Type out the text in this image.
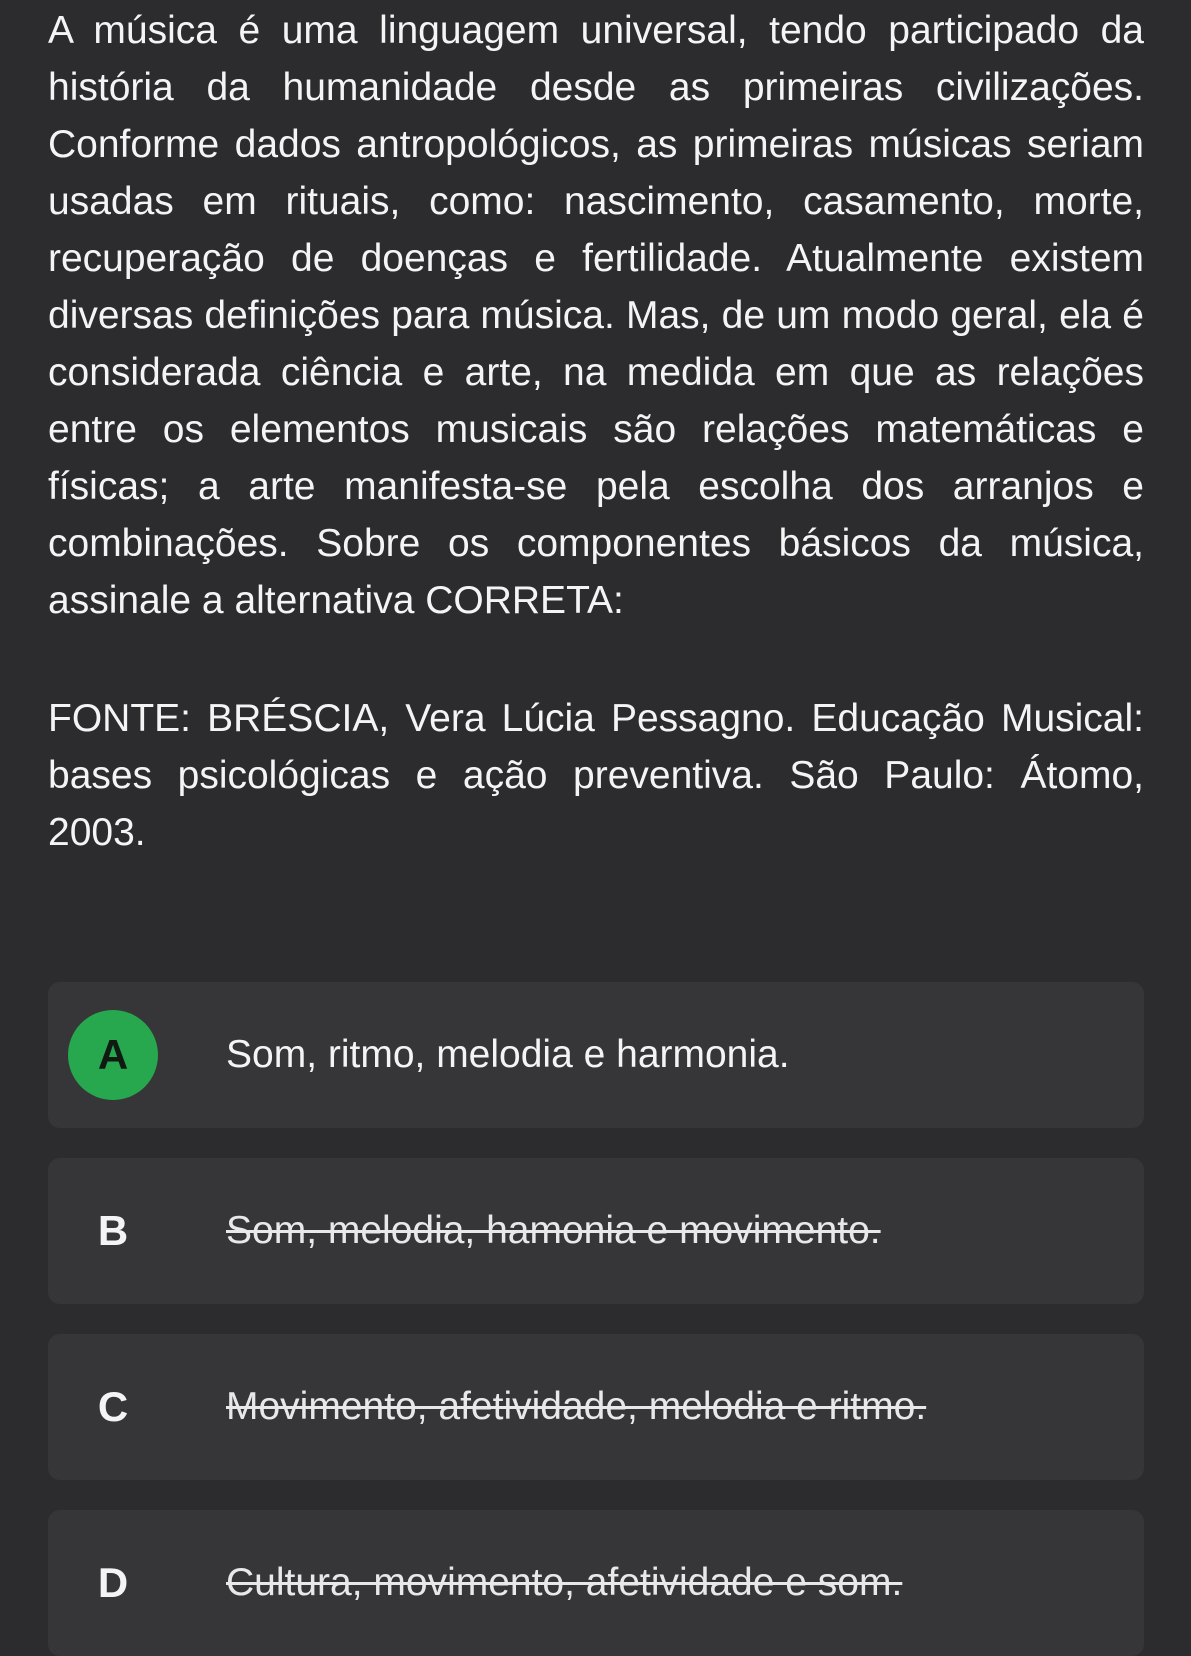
A música é uma linguagem universal, tendo participado da história da humanidade desde as primeiras civilizações. Conforme dados antropológicos, as primeiras músicas seriam usadas em rituais, como: nascimento, casamento, morte, recuperação de doenças e fertilidade. Atualmente existem diversas definições para música. Mas, de um modo geral, ela é considerada ciência e arte, na medida em que as relações entre os elementos musicais são relações matemáticas e físicas; a arte manifesta-se pela escolha dos arranjos e combinações. Sobre os componentes básicos da música, assinale a alternativa CORRETA:

FONTE: BRÉSCIA, Vera Lúcia Pessagno. Educação Musical: bases psicológicas e ação preventiva. São Paulo: Átomo, 2003.

A	Som, ritmo, melodia e harmonia.
B	Som, melodia, hamonia e movimento.
C	Movimento, afetividade, melodia e ritmo.
D	Cultura, movimento, afetividade e som.
